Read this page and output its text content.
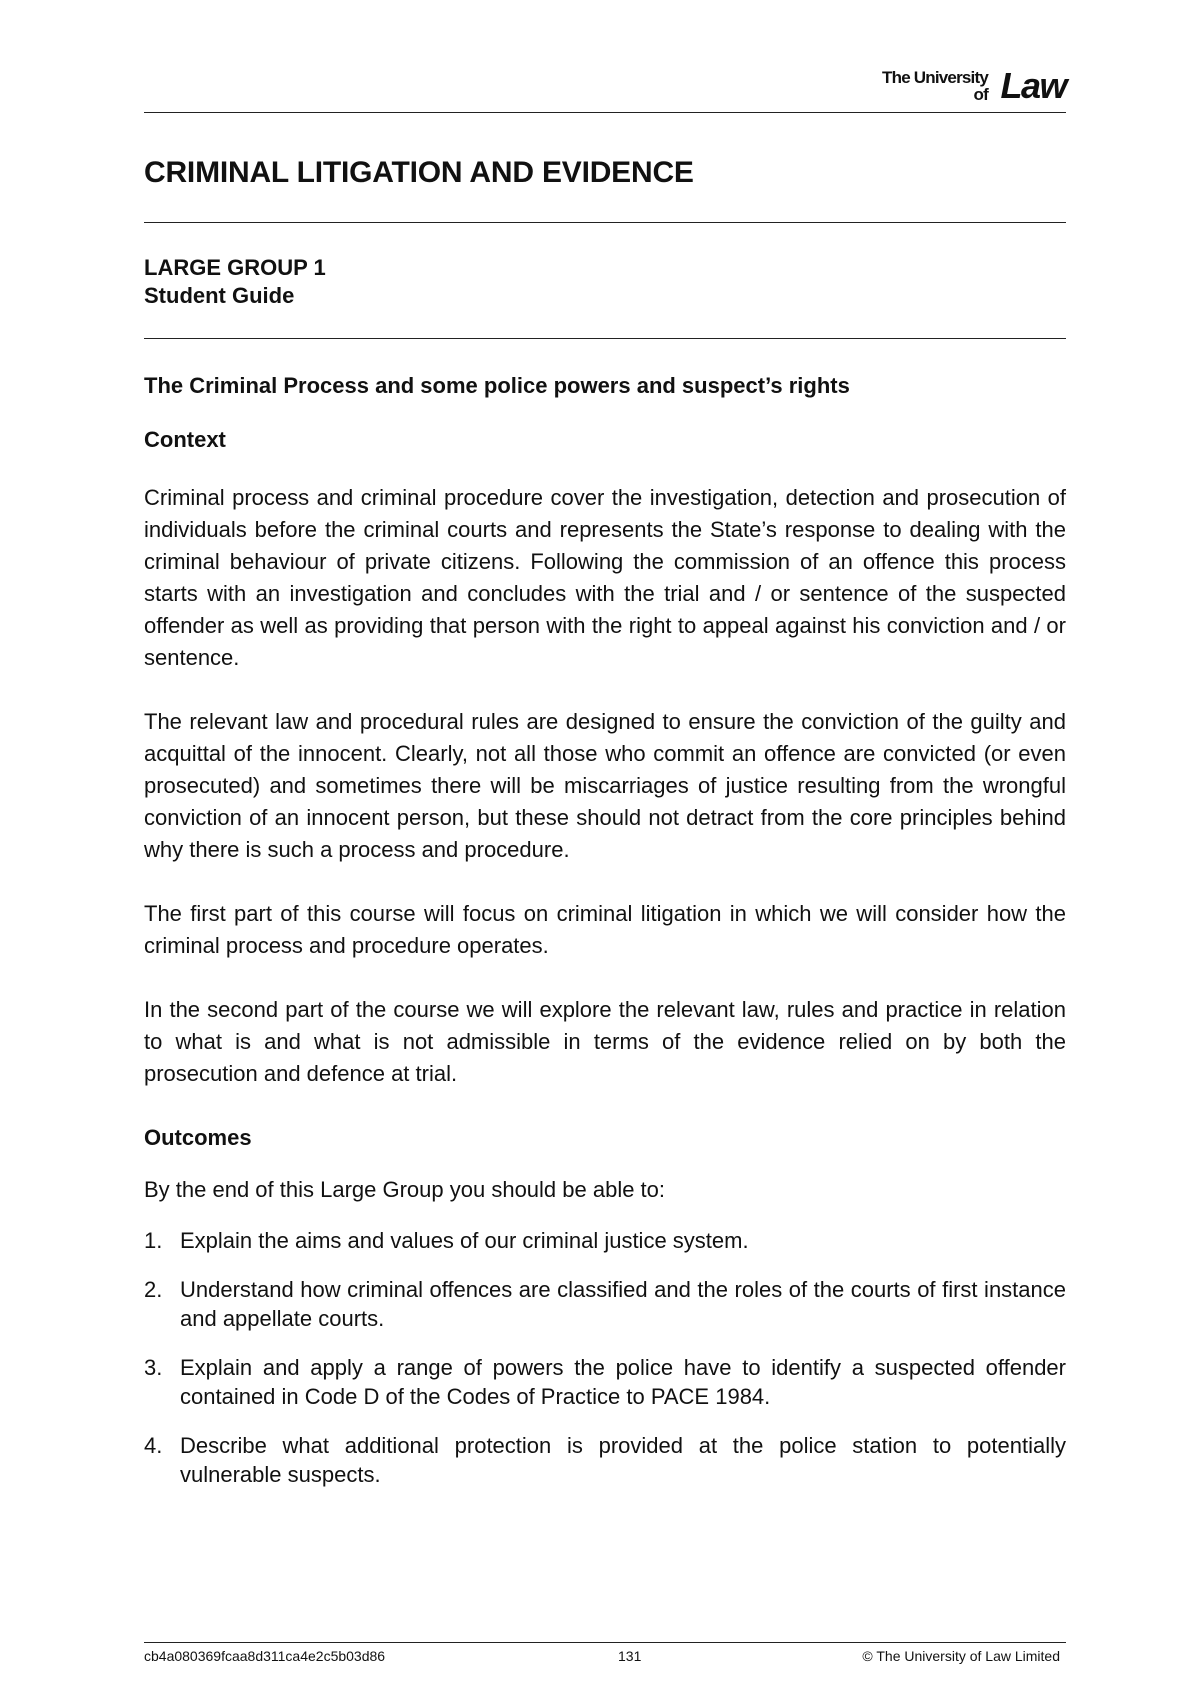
The University
of Law
CRIMINAL LITIGATION AND EVIDENCE
LARGE GROUP 1
Student Guide

The Criminal Process and some police powers and suspect’s rights

Context

Criminal process and criminal procedure cover the investigation, detection and prosecution of individuals before the criminal courts and represents the State’s response to dealing with the criminal behaviour of private citizens. Following the commission of an offence this process starts with an investigation and concludes with the trial and / or sentence of the suspected offender as well as providing that person with the right to appeal against his conviction and / or sentence.

The relevant law and procedural rules are designed to ensure the conviction of the guilty and acquittal of the innocent. Clearly, not all those who commit an offence are convicted (or even prosecuted) and sometimes there will be miscarriages of justice resulting from the wrongful conviction of an innocent person, but these should not detract from the core principles behind why there is such a process and procedure.

The first part of this course will focus on criminal litigation in which we will consider how the criminal process and procedure operates.

In the second part of the course we will explore the relevant law, rules and practice in relation to what is and what is not admissible in terms of the evidence relied on by both the prosecution and defence at trial.

Outcomes

By the end of this Large Group you should be able to:

1. Explain the aims and values of our criminal justice system.
2. Understand how criminal offences are classified and the roles of the courts of first instance and appellate courts.
3. Explain and apply a range of powers the police have to identify a suspected offender contained in Code D of the Codes of Practice to PACE 1984.
4. Describe what additional protection is provided at the police station to potentially vulnerable suspects.
cb4a080369fcaa8d311ca4e2c5b03d86	131	© The University of Law Limited
